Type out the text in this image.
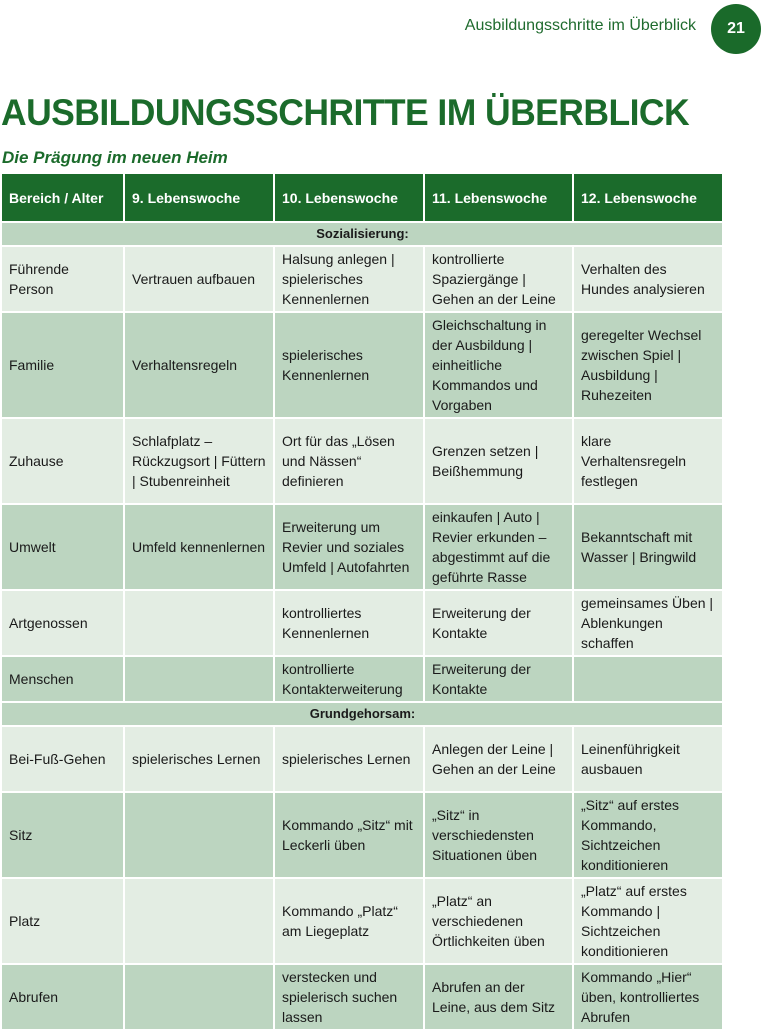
Ausbildungsschritte im Überblick	21
AUSBILDUNGSSCHRITTE IM ÜBERBLICK
Die Prägung im neuen Heim
Bereich / Alter	9. Lebenswoche	10. Lebenswoche	11. Lebenswoche	12. Lebenswoche
Sozialisierung:				
Führende Person	Vertrauen aufbauen	Halsung anlegen | spielerisches Kennenlernen	kontrollierte Spaziergänge | Gehen an der Leine	Verhalten des Hundes analysieren
Familie	Verhaltensregeln	spielerisches Kennenlernen	Gleichschaltung in der Ausbildung | einheitliche Kommandos und Vorgaben	geregelter Wechsel zwischen Spiel | Ausbildung | Ruhezeiten
Zuhause	Schlafplatz – Rückzugsort | Füttern | Stubenreinheit	Ort für das „Lösen und Nässen“ definieren	Grenzen setzen | Beißhemmung	klare Verhaltensregeln festlegen
Umwelt	Umfeld kennenlernen	Erweiterung um Revier und soziales Umfeld | Autofahrten	einkaufen | Auto | Revier erkunden – abgestimmt auf die geführte Rasse	Bekanntschaft mit Wasser | Bringwild
Artgenossen		kontrolliertes Kennenlernen	Erweiterung der Kontakte	gemeinsames Üben | Ablenkungen schaffen
Menschen		kontrollierte Kontakterweiterung	Erweiterung der Kontakte	
Grundgehorsam:				
Bei-Fuß-Gehen	spielerisches Lernen	spielerisches Lernen	Anlegen der Leine | Gehen an der Leine	Leinenführigkeit ausbauen
Sitz		Kommando „Sitz“ mit Leckerli üben	„Sitz“ in verschiedensten Situationen üben	„Sitz“ auf erstes Kommando, Sichtzeichen konditionieren
Platz		Kommando „Platz“ am Liegeplatz	„Platz“ an verschiedenen Örtlichkeiten üben	„Platz“ auf erstes Kommando | Sichtzeichen konditionieren
Abrufen		verstecken und spielerisch suchen lassen	Abrufen an der Leine, aus dem Sitz	Kommando „Hier“ üben, kontrolliertes Abrufen
